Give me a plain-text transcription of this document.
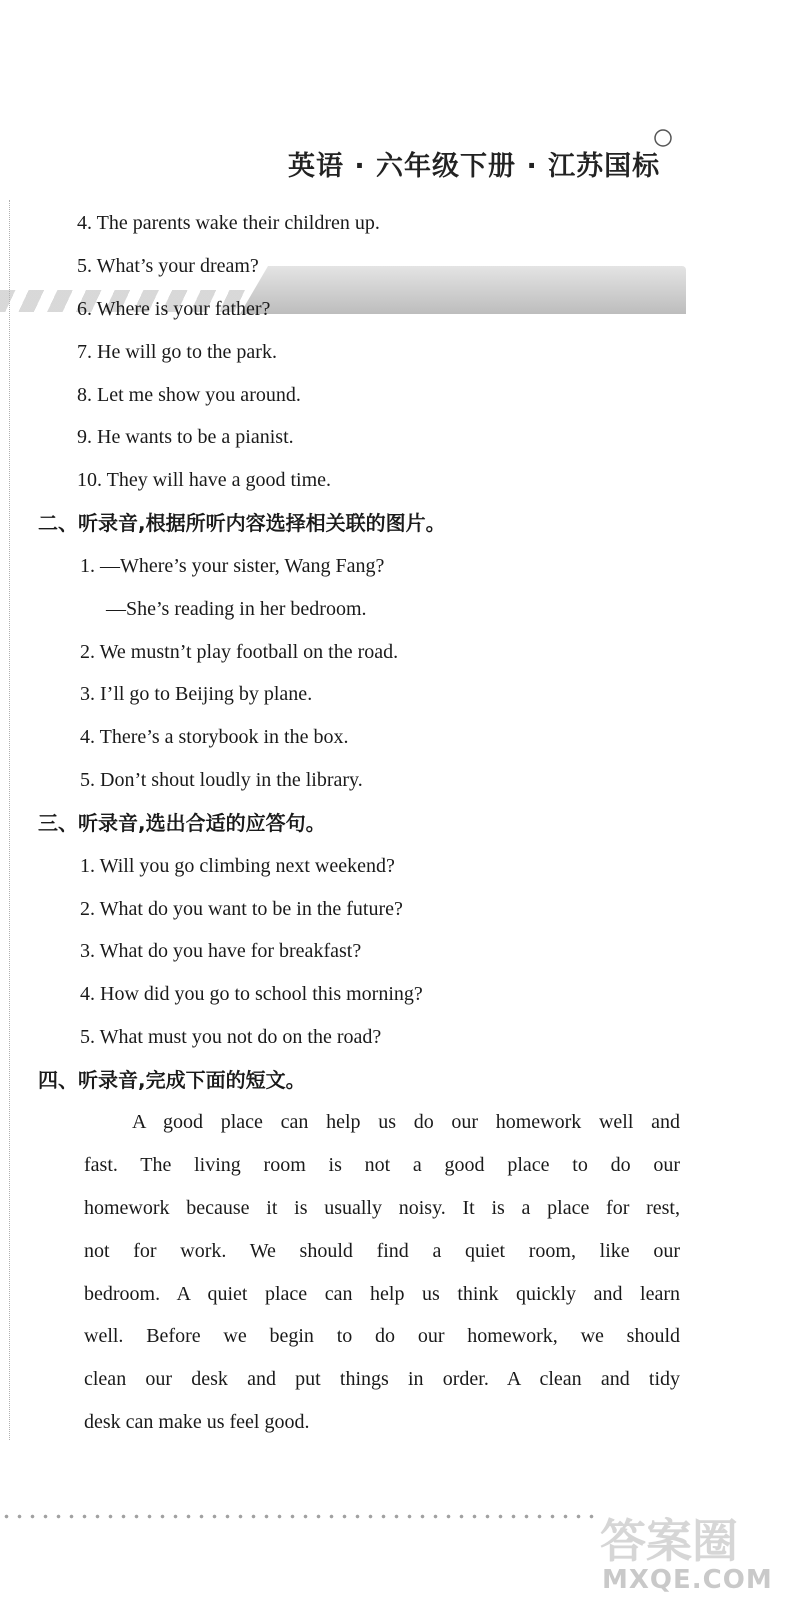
英语 · 六年级下册 · 江苏国标
4. The parents wake their children up.
5. What’s your dream?
6. Where is your father?
7. He will go to the park.
8. Let me show you around.
9. He wants to be a pianist.
10. They will have a good time.
二、听录音,根据所听内容选择相关联的图片。
1. —Where’s your sister, Wang Fang?
—She’s reading in her bedroom.
2. We mustn’t play football on the road.
3. I’ll go to Beijing by plane.
4. There’s a storybook in the box.
5. Don’t shout loudly in the library.
三、听录音,选出合适的应答句。
1. Will you go climbing next weekend?
2. What do you want to be in the future?
3. What do you have for breakfast?
4. How did you go to school this morning?
5. What must you not do on the road?
四、听录音,完成下面的短文。
A good place can help us do our homework well and
fast. The living room is not a good place to do our
homework because it is usually noisy. It is a place for rest,
not for work. We should find a quiet room, like our
bedroom. A quiet place can help us think quickly and learn
well. Before we begin to do our homework, we should
clean our desk and put things in order. A clean and tidy
desk can make us feel good.
答案圈
MXQE.COM
